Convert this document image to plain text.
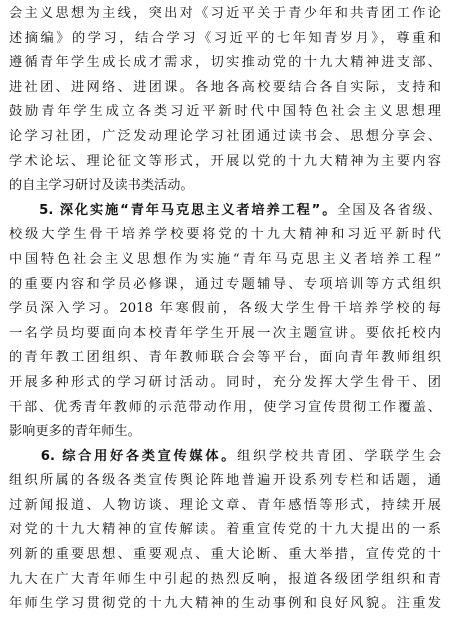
会主义思想为主线，突出对《习近平关于青少年和共青团工作论
述摘编》的学习，结合学习《习近平的七年知青岁月》，尊重和
遵循青年学生成长成才需求，切实推动党的十九大精神进支部、
进社团、进网络、进团课。各地各高校要结合各自实际，支持和
鼓励青年学生成立各类习近平新时代中国特色社会主义思想理
论学习社团，广泛发动理论学习社团通过读书会、思想分享会、
学术论坛、理论征文等形式，开展以党的十九大精神为主要内容
的自主学习研讨及读书类活动。
　　5. 深化实施“青年马克思主义者培养工程”。全国及各省级、
校级大学生骨干培养学校要将党的十九大精神和习近平新时代
中国特色社会主义思想作为实施“青年马克思主义者培养工程”
的重要内容和学员必修课，通过专题辅导、专项培训等方式组织
学员深入学习。2018 年寒假前，各级大学生骨干培养学校的每
一名学员均要面向本校青年学生开展一次主题宣讲。要依托校内
的青年教工团组织、青年教师联合会等平台，面向青年教师组织
开展多种形式的学习研讨活动。同时，充分发挥大学生骨干、团
干部、优秀青年教师的示范带动作用，使学习宣传贯彻工作覆盖、
影响更多的青年师生。
　　6. 综合用好各类宣传媒体。组织学校共青团、学联学生会
组织所属的各级各类宣传舆论阵地普遍开设系列专栏和话题，通
过新闻报道、人物访谈、理论文章、青年感悟等形式，持续开展
对党的十九大精神的宣传解读。着重宣传党的十九大提出的一系
列新的重要思想、重要观点、重大论断、重大举措，宣传党的十
九大在广大青年师生中引起的热烈反响，报道各级团学组织和青
年师生学习贯彻党的十九大精神的生动事例和良好风貌。注重发
